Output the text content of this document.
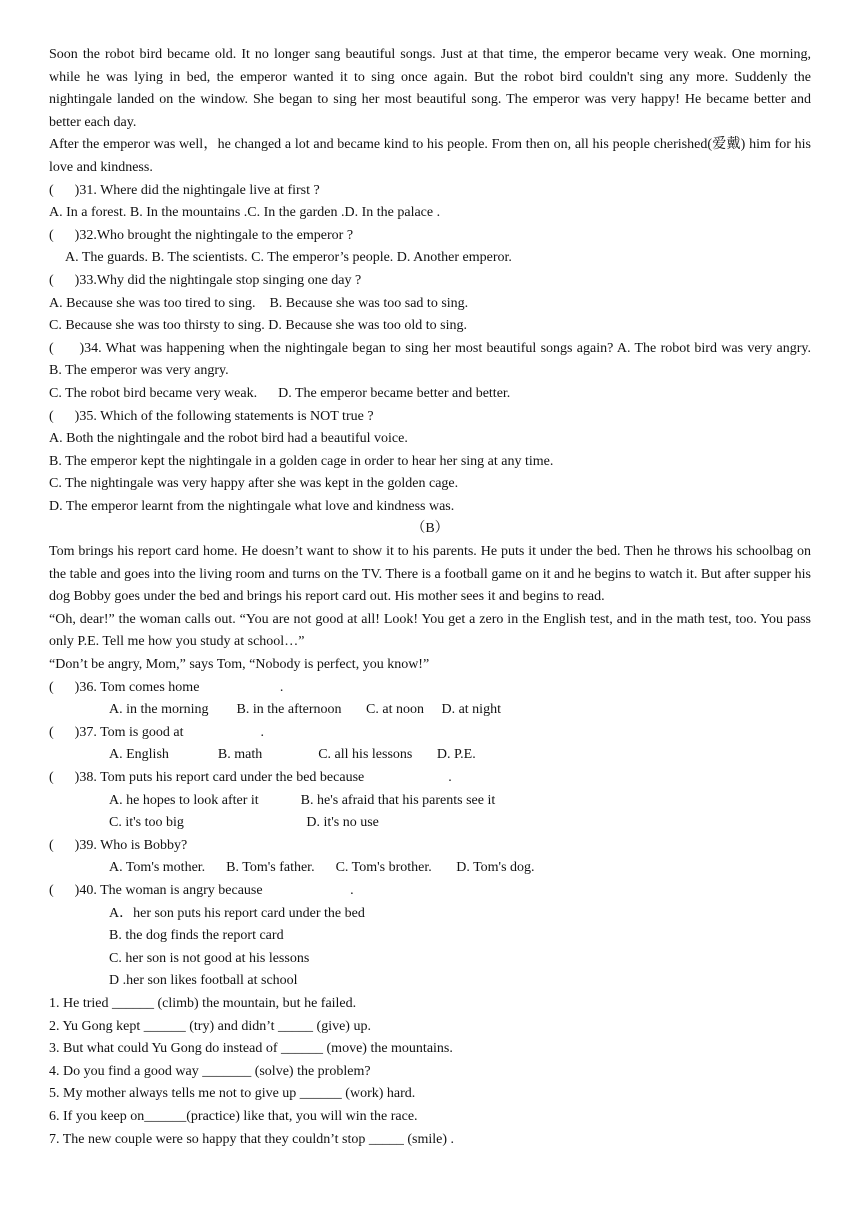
Soon the robot bird became old. It no longer sang beautiful songs. Just at that time, the emperor became very weak. One morning, while he was lying in bed, the emperor wanted it to sing once again. But the robot bird couldn't sing any more. Suddenly the nightingale landed on the window. She began to sing her most beautiful song. The emperor was very happy! He became better and better each day.
After the emperor was well，he changed a lot and became kind to his people. From then on, all his people cherished(爱戴) him for his love and kindness.
(      )31. Where did the nightingale live at first ?
A. In a forest. B. In the mountains .C. In the garden .D. In the palace .
(      )32.Who brought the nightingale to the emperor ?
A. The guards. B. The scientists. C. The emperor’s people. D. Another emperor.
(      )33.Why did the nightingale stop singing one day ?
A. Because she was too tired to sing.    B. Because she was too sad to sing.
C. Because she was too thirsty to sing. D. Because she was too old to sing.
(      )34. What was happening when the nightingale began to sing her most beautiful songs again? A. The robot bird was very angry.            B. The emperor was very angry.
C. The robot bird became very weak.      D. The emperor became better and better.
(      )35. Which of the following statements is NOT true ?
A. Both the nightingale and the robot bird had a beautiful voice.
B. The emperor kept the nightingale in a golden cage in order to hear her sing at any time.
C. The nightingale was very happy after she was kept in the golden cage.
D. The emperor learnt from the nightingale what love and kindness was.
（B）
Tom brings his report card home. He doesn’t want to show it to his parents. He puts it under the bed. Then he throws his schoolbag on the table and goes into the living room and turns on the TV. There is a football game on it and he begins to watch it. But after supper his dog Bobby goes under the bed and brings his report card out. His mother sees it and begins to read.
“Oh, dear!” the woman calls out. “You are not good at all! Look! You get a zero in the English test, and in the math test, too. You pass only P.E. Tell me how you study at school…”
“Don’t be angry, Mom,” says Tom, “Nobody is perfect, you know!”
(      )36. Tom comes home                       .
A. in the morning        B. in the afternoon       C. at noon     D. at night
(      )37. Tom is good at                      .
A. English              B. math                C. all his lessons       D. P.E.
(      )38. Tom puts his report card under the bed because                        .
A. he hopes to look after it            B. he's afraid that his parents see it
C. it's too big                                   D. it's no use
(      )39. Who is Bobby?
A. Tom's mother.      B. Tom's father.      C. Tom's brother.       D. Tom's dog.
(      )40. The woman is angry because                         .
A．her son puts his report card under the bed
B. the dog finds the report card
C. her son is not good at his lessons
D .her son likes football at school
1. He tried ______ (climb) the mountain, but he failed.
2. Yu Gong kept ______ (try) and didn’t _____ (give) up.
3. But what could Yu Gong do instead of ______ (move) the mountains.
4. Do you find a good way _______ (solve) the problem?
5. My mother always tells me not to give up ______ (work) hard.
6. If you keep on______(practice) like that, you will win the race.
7. The new couple were so happy that they couldn’t stop _____ (smile) .
